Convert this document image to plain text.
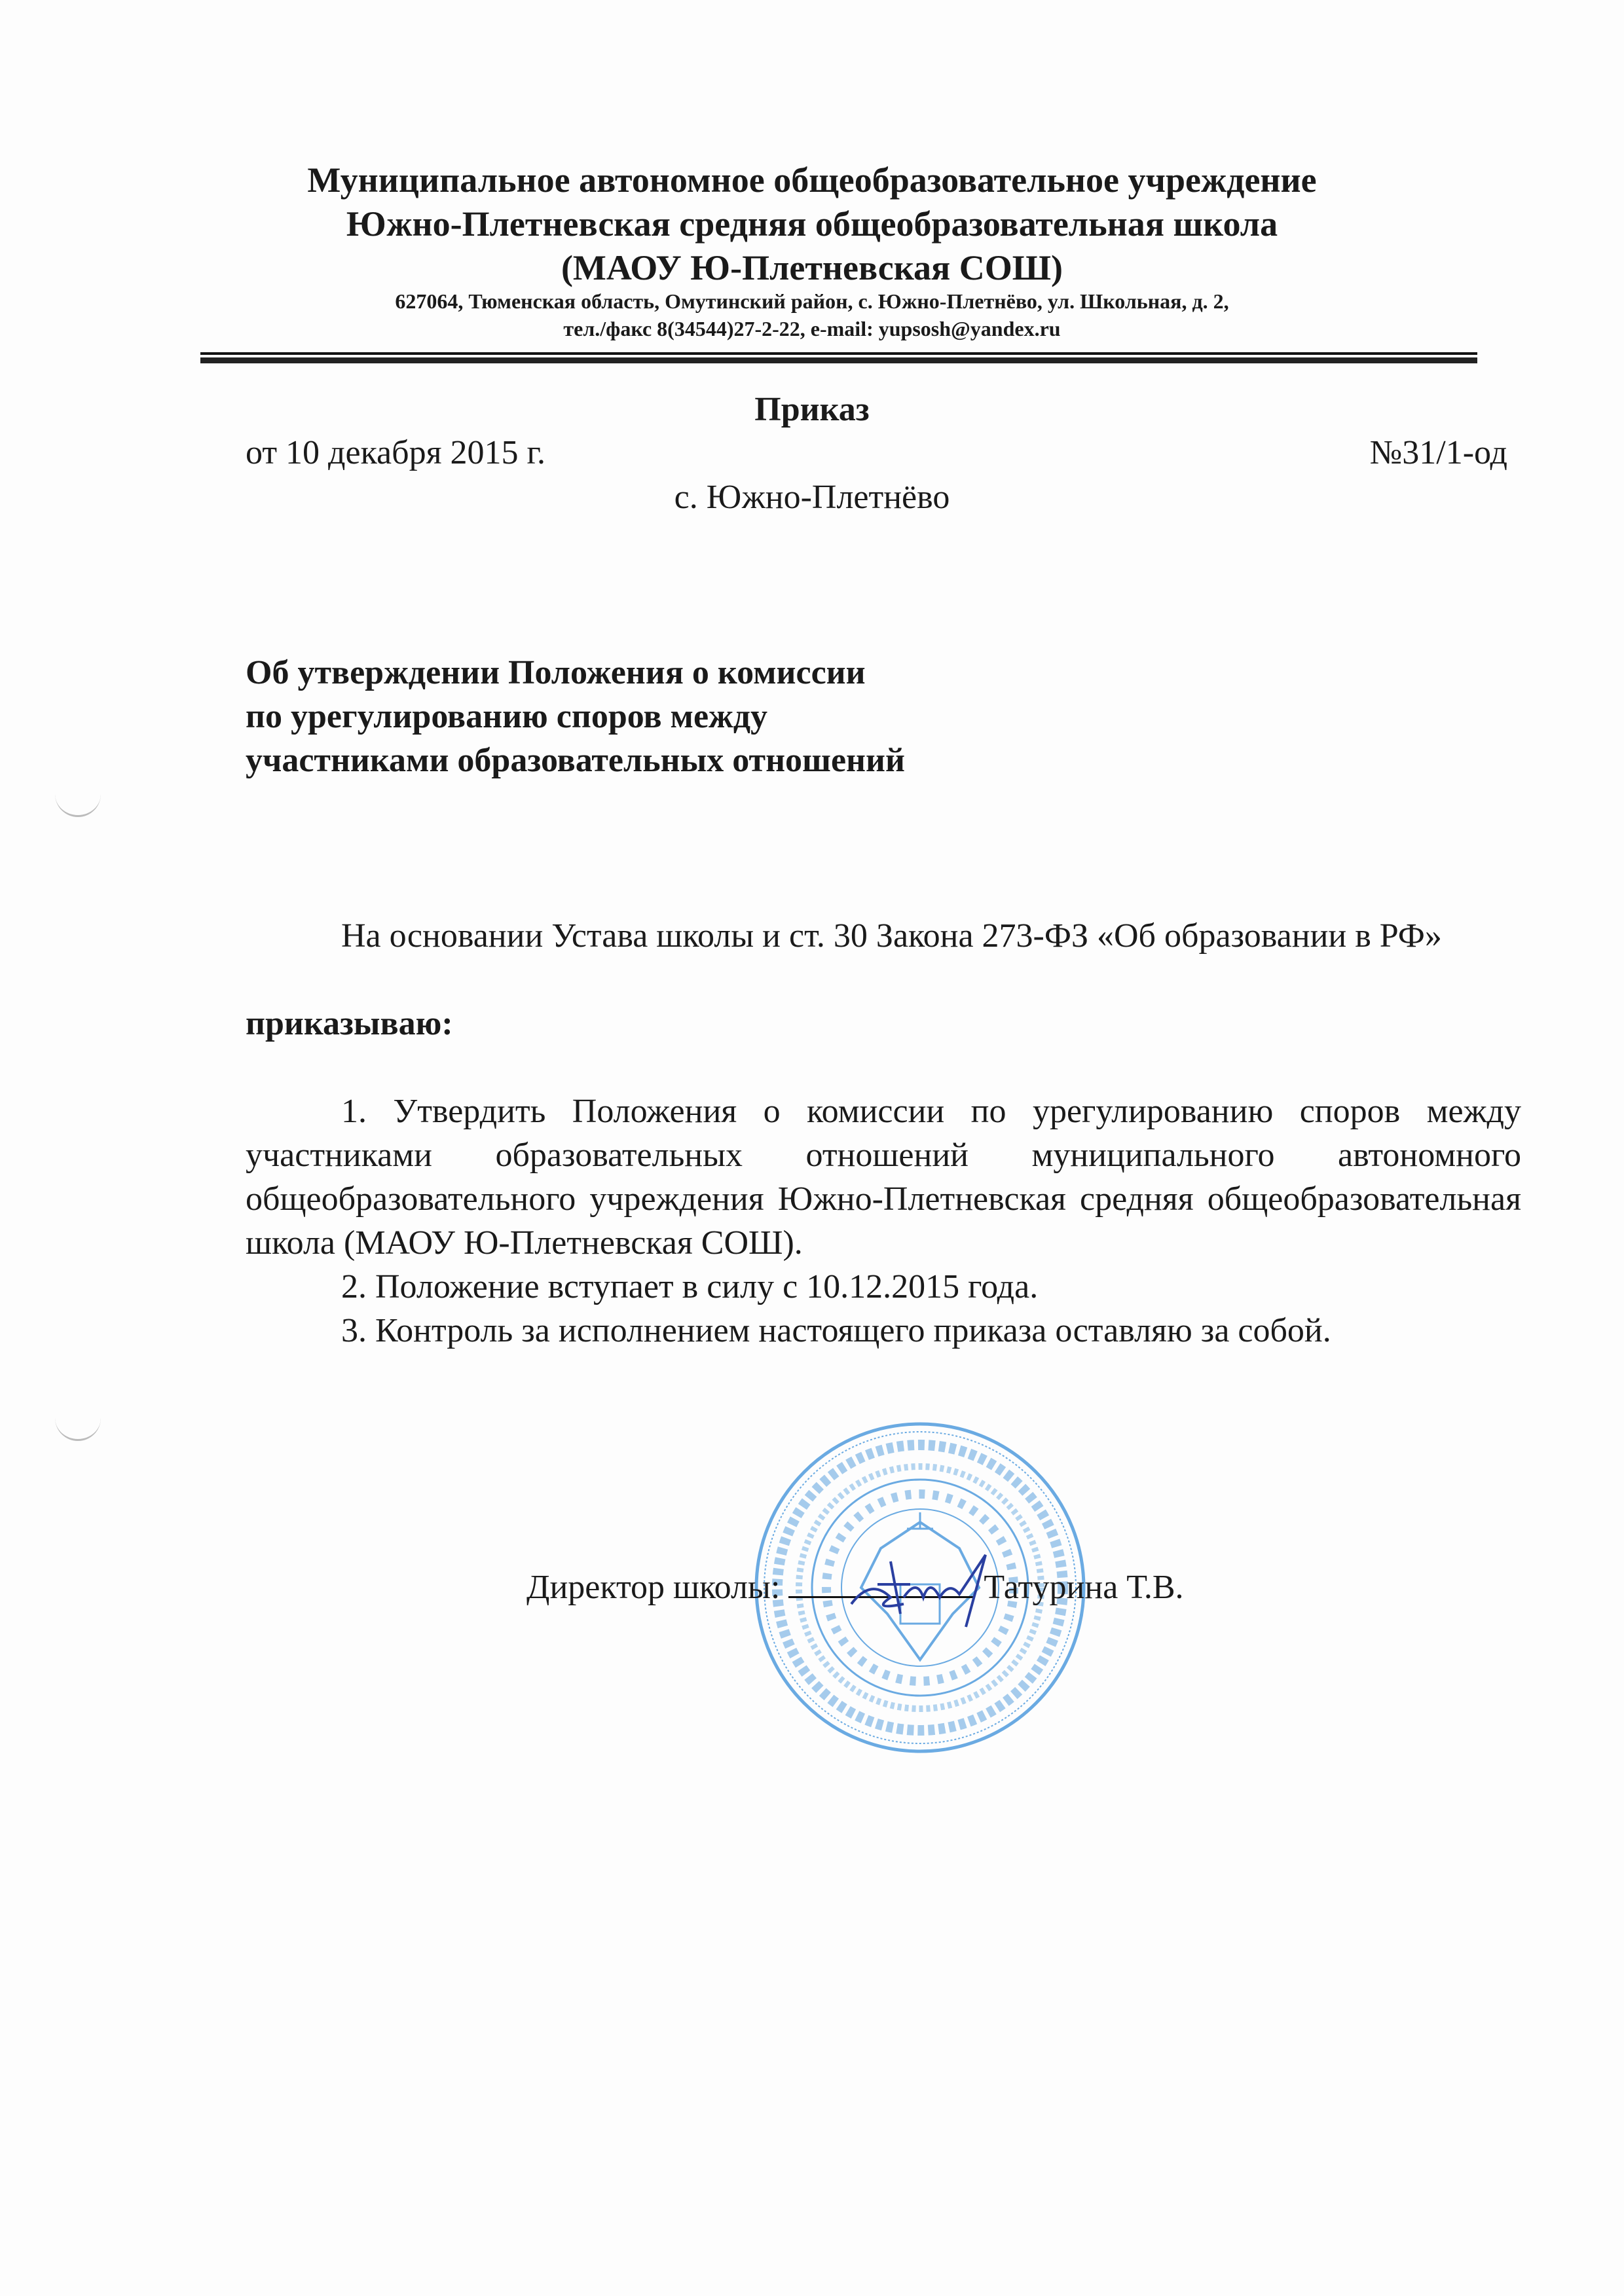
Муниципальное автономное общеобразовательное учреждение
Южно-Плетневская средняя общеобразовательная школа
(МАОУ Ю-Плетневская СОШ)
627064, Тюменская область, Омутинский район, с. Южно-Плетнёво, ул. Школьная, д. 2,
тел./факс 8(34544)27-2-22, e-mail: yupsosh@yandex.ru
Приказ
от 10 декабря 2015 г.	№31/1-од
с. Южно-Плетнёво
Об утверждении Положения о комиссии
по урегулированию споров между
участниками образовательных отношений

На основании Устава школы и ст. 30 Закона 273-ФЗ «Об образовании в РФ»

приказываю:

1. Утвердить Положения о комиссии по урегулированию споров между участниками образовательных отношений муниципального автономного общеобразовательного учреждения Южно-Плетневская средняя общеобразовательная школа (МАОУ Ю-Плетневская СОШ).

2. Положение вступает в силу с 10.12.2015 года.

3. Контроль за исполнением настоящего приказа оставляю за собой.

Директор школы:	Татурина Т.В.
